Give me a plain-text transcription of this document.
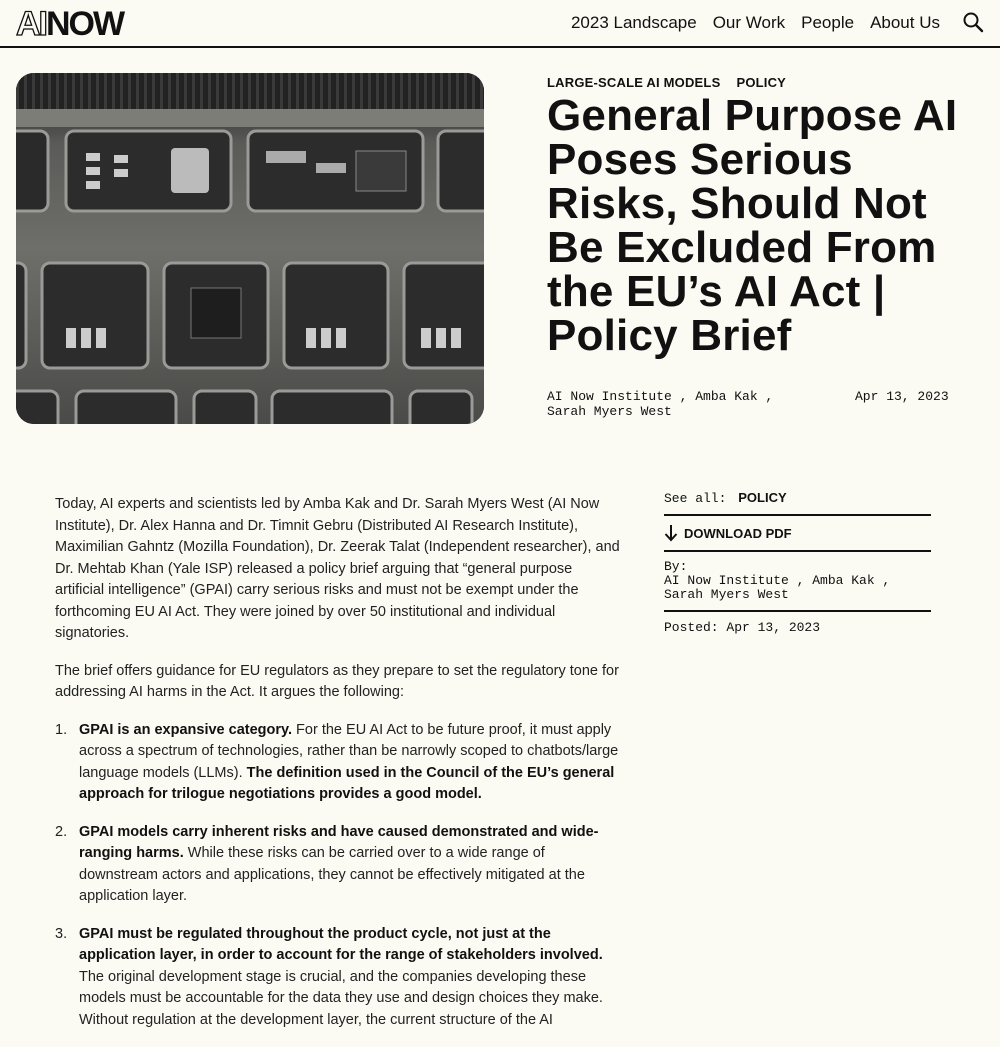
AINOW	2023 Landscape Our Work People About Us
LARGE-SCALE AI MODELS POLICY
General Purpose AI Poses Serious Risks, Should Not Be Excluded From the EU’s AI Act | Policy Brief
AI Now Institute , Amba Kak ,
Sarah Myers West
Apr 13, 2023

Today, AI experts and scientists led by Amba Kak and Dr. Sarah Myers West (AI Now Institute), Dr. Alex Hanna and Dr. Timnit Gebru (Distributed AI Research Institute), Maximilian Gahntz (Mozilla Foundation), Dr. Zeerak Talat (Independent researcher), and Dr. Mehtab Khan (Yale ISP) released a policy brief arguing that “general purpose artificial intelligence” (GPAI) carry serious risks and must not be exempt under the forthcoming EU AI Act. They were joined by over 50 institutional and individual signatories.

The brief offers guidance for EU regulators as they prepare to set the regulatory tone for addressing AI harms in the Act. It argues the following:

1. GPAI is an expansive category. For the EU AI Act to be future proof, it must apply across a spectrum of technologies, rather than be narrowly scoped to chatbots/large language models (LLMs). The definition used in the Council of the EU’s general approach for trilogue negotiations provides a good model.
2. GPAI models carry inherent risks and have caused demonstrated and wide-ranging harms. While these risks can be carried over to a wide range of downstream actors and applications, they cannot be effectively mitigated at the application layer.
3. GPAI must be regulated throughout the product cycle, not just at the application layer, in order to account for the range of stakeholders involved. The original development stage is crucial, and the companies developing these models must be accountable for the data they use and design choices they make. Without regulation at the development layer, the current structure of the AI
See all: POLICY
DOWNLOAD PDF
By:
AI Now Institute , Amba Kak ,
Sarah Myers West
Posted: Apr 13, 2023
